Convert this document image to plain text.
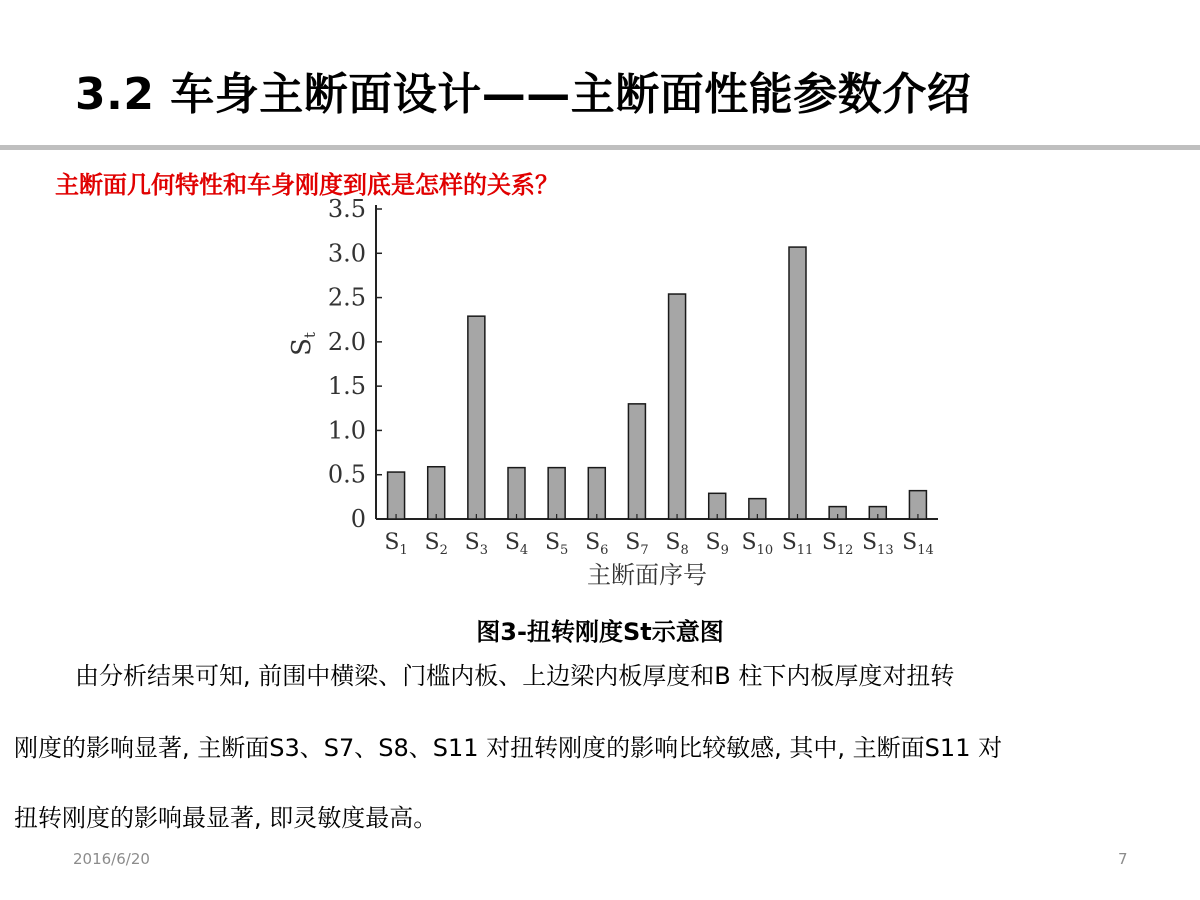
3.2 车身主断面设计——主断面性能参数介绍
主断面几何特性和车身刚度到底是怎样的关系？
0
0.5
1.0
1.5
2.0
2.5
3.0
3.5
$S_1$ $S_2$ $S_3$ $S_4$ $S_5$ $S_6$ $S_7$ $S_8$ $S_9$ $S_{10}$ $S_{11}$ $S_{12}$ $S_{13}$ $S_{14}$
主断面序号
St
图3-扭转刚度St示意图
由分析结果可知, 前围中横梁、门槛内板、上边梁内板厚度和B 柱下内板厚度对扭转
刚度的影响显著, 主断面S3、S7、S8、S11 对扭转刚度的影响比较敏感, 其中, 主断面S11 对
扭转刚度的影响最显著, 即灵敏度最高。
2016/6/20	7
